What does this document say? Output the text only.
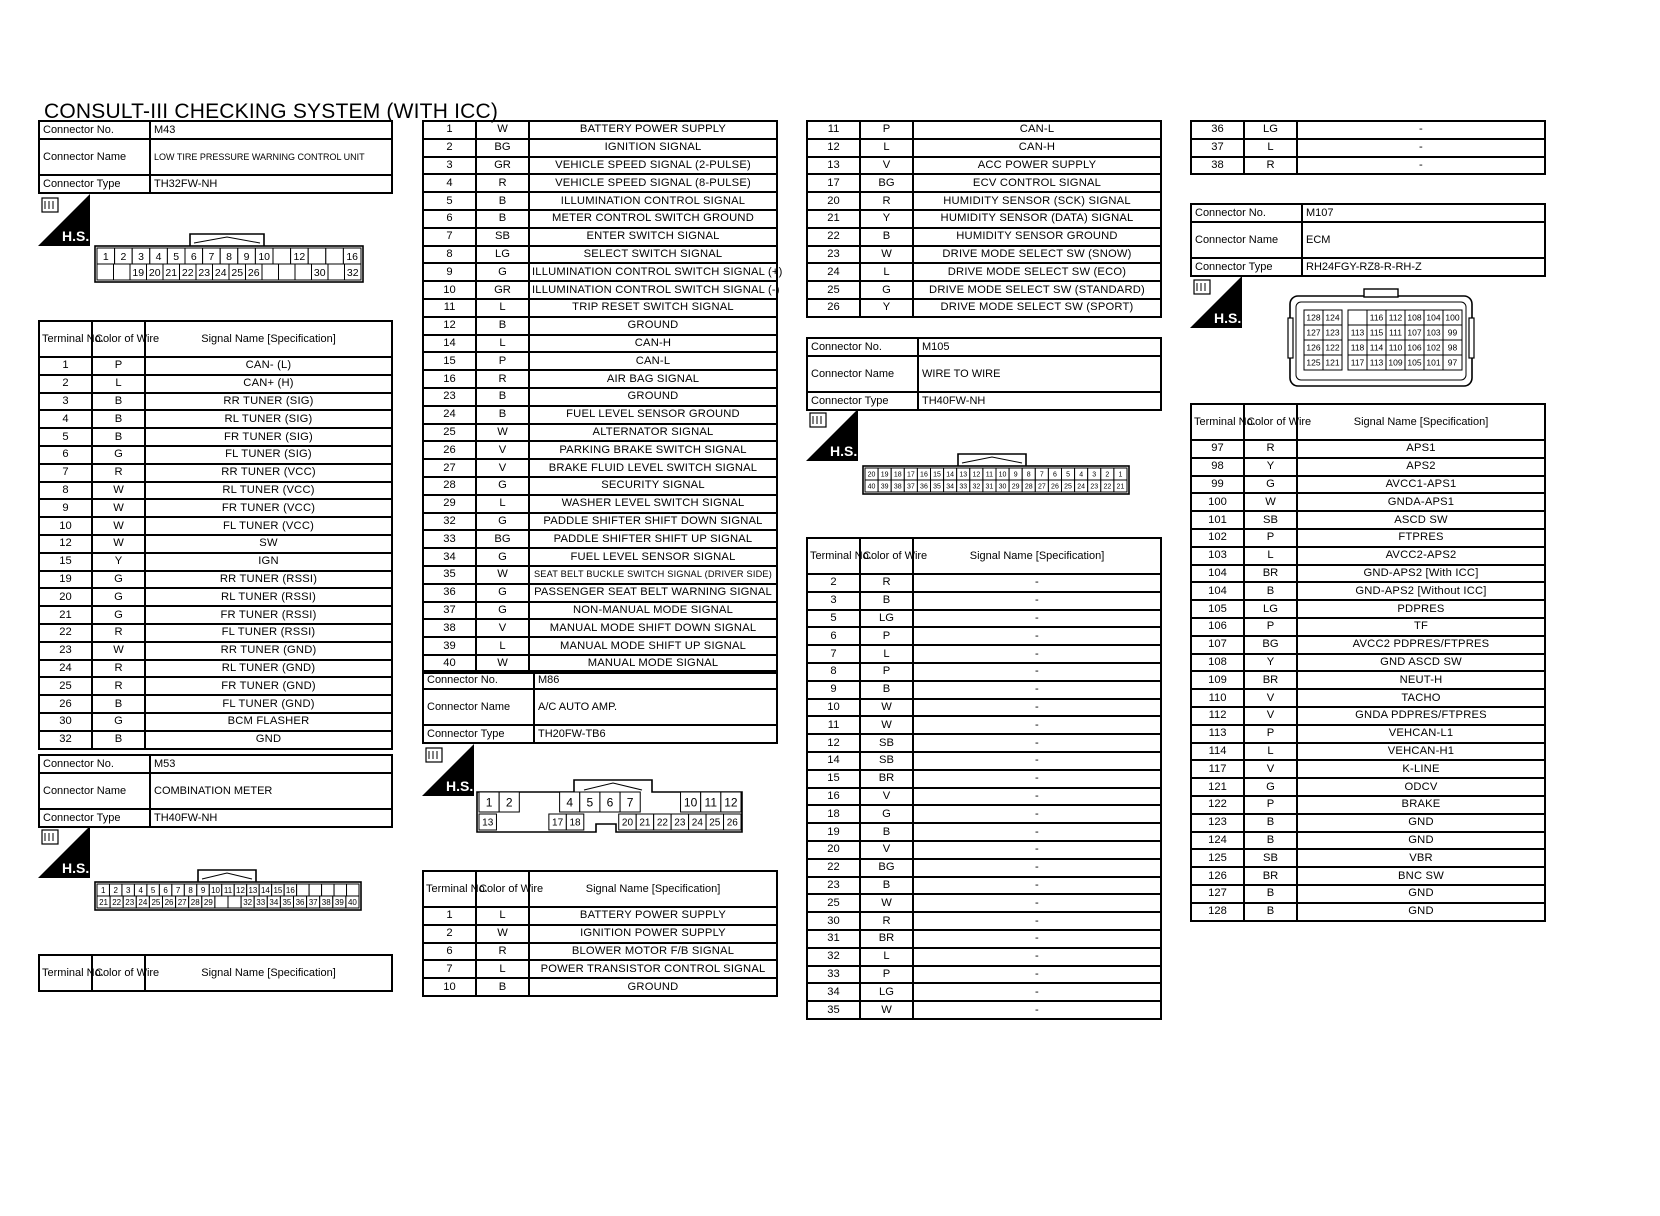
CONSULT-III CHECKING SYSTEM (WITH ICC)
Connector No.	M43
Connector Name	LOW TIRE PRESSURE WARNING CONTROL UNIT
Connector Type	TH32FW-NH
H.S.
1 2 3 4 5 6 7 8 9 10 12	16
19 20 21 22 23 24 25 26	30 32
Terminal No.	Color of Wire	Signal Name [Specification]
1	P	CAN- (L)
2	L	CAN+ (H)
3	B	RR TUNER (SIG)
4	B	RL TUNER (SIG)
5	B	FR TUNER (SIG)
6	G	FL TUNER (SIG)
7	R	RR TUNER (VCC)
8	W	RL TUNER (VCC)
9	W	FR TUNER (VCC)
10	W	FL TUNER (VCC)
12	W	SW
15	Y	IGN
19	G	RR TUNER (RSSI)
20	G	RL TUNER (RSSI)
21	G	FR TUNER (RSSI)
22	R	FL TUNER (RSSI)
23	W	RR TUNER (GND)
24	R	RL TUNER (GND)
25	R	FR TUNER (GND)
26	B	FL TUNER (GND)
30	G	BCM FLASHER
32	B	GND
Connector No.	M53
Connector Name	COMBINATION METER
Connector Type	TH40FW-NH
H.S.
1 2 3 4 5 6 7 8 9 10 11 12 13 14 15 16
21 22 23 24 25 26 27 28 29	32 33 34 35 36 37 38 39 40
Terminal No.	Color of Wire	Signal Name [Specification]
1	W	BATTERY POWER SUPPLY
2	BG	IGNITION SIGNAL
3	GR	VEHICLE SPEED SIGNAL (2-PULSE)
4	R	VEHICLE SPEED SIGNAL (8-PULSE)
5	B	ILLUMINATION CONTROL SIGNAL
6	B	METER CONTROL SWITCH GROUND
7	SB	ENTER SWITCH SIGNAL
8	LG	SELECT SWITCH SIGNAL
9	G	ILLUMINATION CONTROL SWITCH SIGNAL (+)
10	GR	ILLUMINATION CONTROL SWITCH SIGNAL (-)
11	L	TRIP RESET SWITCH SIGNAL
12	B	GROUND
14	L	CAN-H
15	P	CAN-L
16	R	AIR BAG SIGNAL
23	B	GROUND
24	B	FUEL LEVEL SENSOR GROUND
25	W	ALTERNATOR SIGNAL
26	V	PARKING BRAKE SWITCH SIGNAL
27	V	BRAKE FLUID LEVEL SWITCH SIGNAL
28	G	SECURITY SIGNAL
29	L	WASHER LEVEL SWITCH SIGNAL
32	G	PADDLE SHIFTER SHIFT DOWN SIGNAL
33	BG	PADDLE SHIFTER SHIFT UP SIGNAL
34	G	FUEL LEVEL SENSOR SIGNAL
35	W	SEAT BELT BUCKLE SWITCH SIGNAL (DRIVER SIDE)
36	G	PASSENGER SEAT BELT WARNING SIGNAL
37	G	NON-MANUAL MODE SIGNAL
38	V	MANUAL MODE SHIFT DOWN SIGNAL
39	L	MANUAL MODE SHIFT UP SIGNAL
40	W	MANUAL MODE SIGNAL
Connector No.	M86
Connector Name	A/C AUTO AMP.
Connector Type	TH20FW-TB6
H.S.
1 2	4 5 6 7	10 11 12
13	17 18	20 21 22 23 24 25 26
Terminal No.	Color of Wire	Signal Name [Specification]
1	L	BATTERY POWER SUPPLY
2	W	IGNITION POWER SUPPLY
6	R	BLOWER MOTOR F/B SIGNAL
7	L	POWER TRANSISTOR CONTROL SIGNAL
10	B	GROUND
11	P	CAN-L
12	L	CAN-H
13	V	ACC POWER SUPPLY
17	BG	ECV CONTROL SIGNAL
20	R	HUMIDITY SENSOR (SCK) SIGNAL
21	Y	HUMIDITY SENSOR (DATA) SIGNAL
22	B	HUMIDITY SENSOR GROUND
23	W	DRIVE MODE SELECT SW (SNOW)
24	L	DRIVE MODE SELECT SW (ECO)
25	G	DRIVE MODE SELECT SW (STANDARD)
26	Y	DRIVE MODE SELECT SW (SPORT)
Connector No.	M105
Connector Name	WIRE TO WIRE
Connector Type	TH40FW-NH
H.S.
20 19 18 17 16 15 14 13 12 11 10 9 8 7 6 5 4 3 2 1
40 39 38 37 36 35 34 33 32 31 30 29 28 27 26 25 24 23 22 21
Terminal No.	Color of Wire	Signal Name [Specification]
2	R	-
3	B	-
5	LG	-
6	P	-
7	L	-
8	P	-
9	B	-
10	W	-
11	W	-
12	SB	-
14	SB	-
15	BR	-
16	V	-
18	G	-
19	B	-
20	V	-
22	BG	-
23	B	-
25	W	-
30	R	-
31	BR	-
32	L	-
33	P	-
34	LG	-
35	W	-
36	LG	-
37	L	-
38	R	-
Connector No.	M107
Connector Name	ECM
Connector Type	RH24FGY-RZ8-R-RH-Z
H.S.	128 124	116 112 108 104 100
127 123 113 115 111 107 103 99
126 122 118 114 110 106 102 98
125 121 117 113 109 105 101 97
Terminal No.	Color of Wire	Signal Name [Specification]
97	R	APS1
98	Y	APS2
99	G	AVCC1-APS1
100	W	GNDA-APS1
101	SB	ASCD SW
102	P	FTPRES
103	L	AVCC2-APS2
104	BR	GND-APS2 [With ICC]
104	B	GND-APS2 [Without ICC]
105	LG	PDPRES
106	P	TF
107	BG	AVCC2 PDPRES/FTPRES
108	Y	GND ASCD SW
109	BR	NEUT-H
110	V	TACHO
112	V	GNDA PDPRES/FTPRES
113	P	VEHCAN-L1
114	L	VEHCAN-H1
117	V	K-LINE
121	G	ODCV
122	P	BRAKE
123	B	GND
124	B	GND
125	SB	VBR
126	BR	BNC SW
127	B	GND
128	B	GND
